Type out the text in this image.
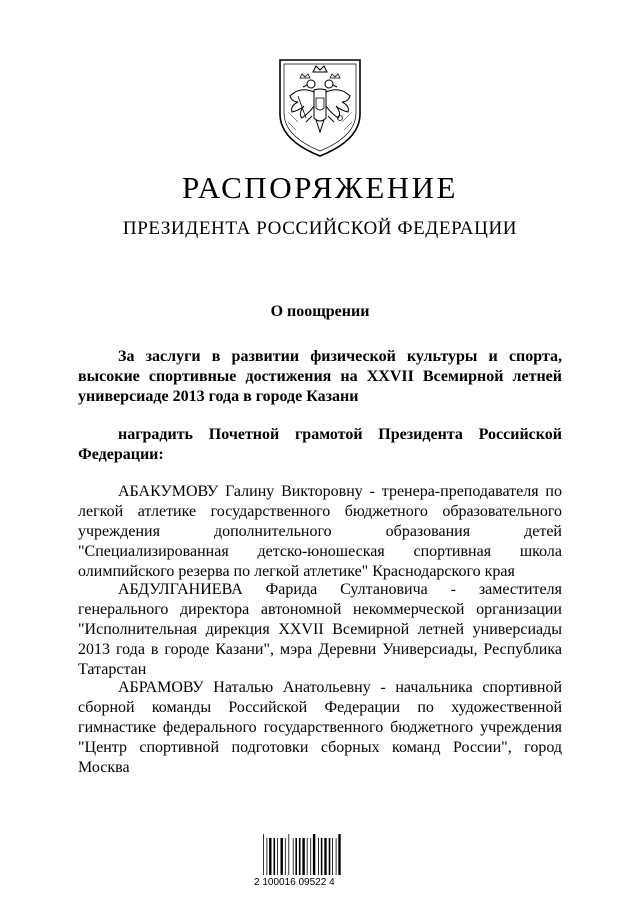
РАСПОРЯЖЕНИЕ
ПРЕЗИДЕНТА РОССИЙСКОЙ ФЕДЕРАЦИИ
О поощрении
За заслуги в развитии физической культуры и спорта, высокие спортивные достижения на XXVII Всемирной летней универсиаде 2013 года в городе Казани
наградить Почетной грамотой Президента Российской Федерации:
АБАКУМОВУ Галину Викторовну - тренера-преподавателя по легкой атлетике государственного бюджетного образовательного учреждения дополнительного образования детей "Специализированная детско-юношеская спортивная школа олимпийского резерва по легкой атлетике" Краснодарского края
АБДУЛГАНИЕВА Фарида Султановича - заместителя генерального директора автономной некоммерческой организации "Исполнительная дирекция XXVII Всемирной летней универсиады 2013 года в городе Казани", мэра Деревни Универсиады, Республика Татарстан
АБРАМОВУ Наталью Анатольевну - начальника спортивной сборной команды Российской Федерации по художественной гимнастике федерального государственного бюджетного учреждения "Центр спортивной подготовки сборных команд России", город Москва
2 100016 09522 4
